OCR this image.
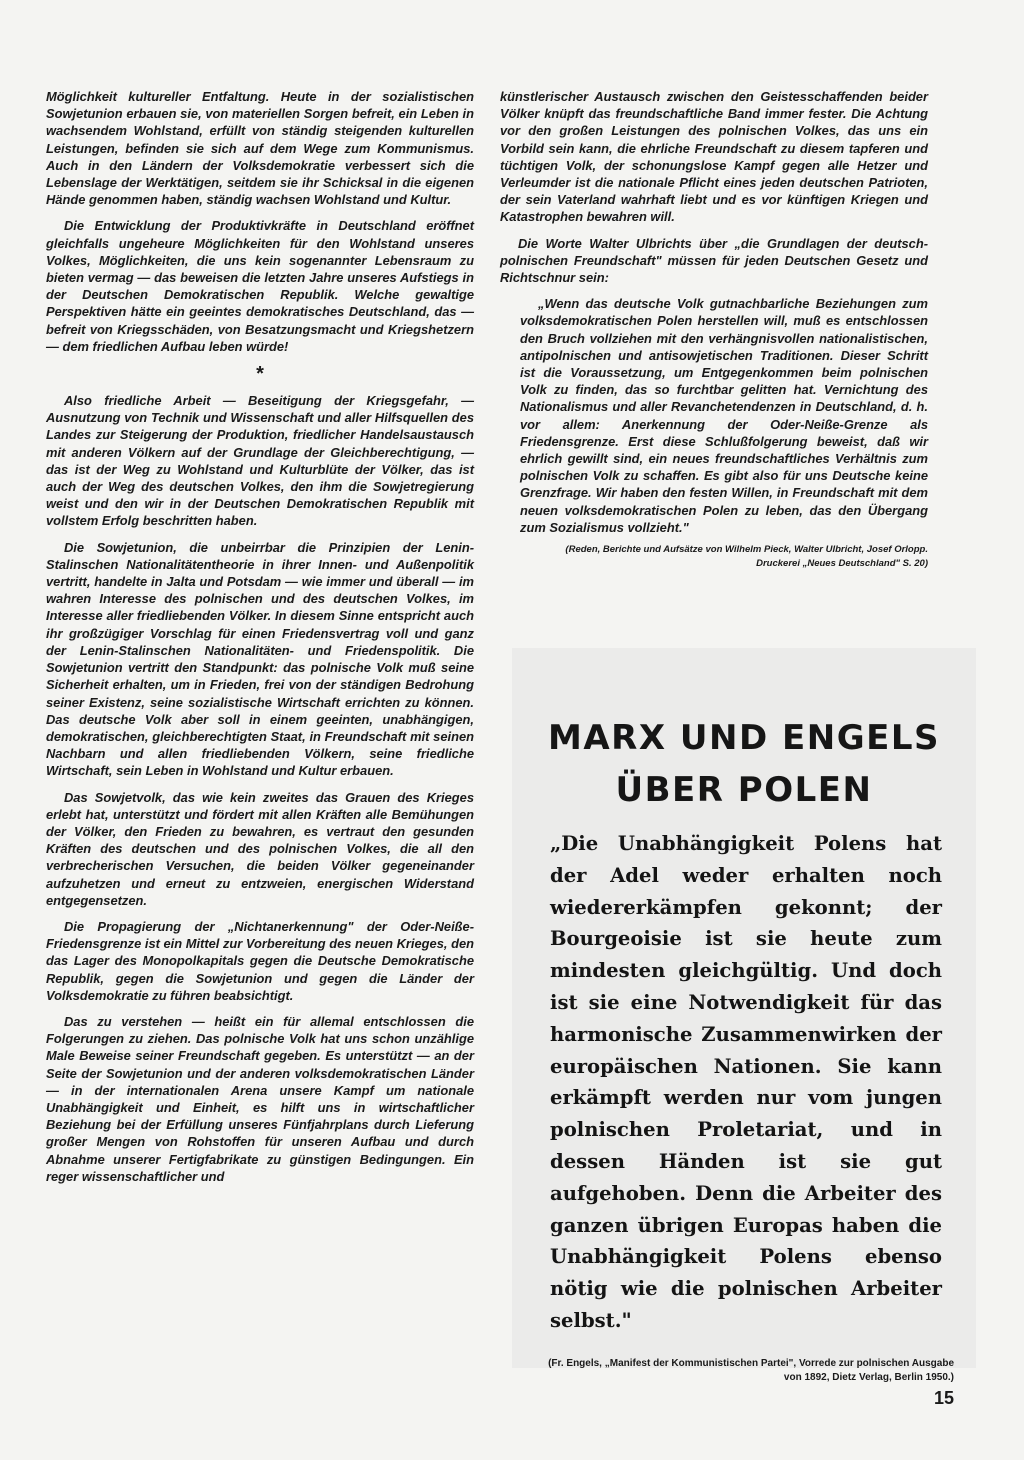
Möglichkeit kultureller Entfaltung. Heute in der sozialistischen Sowjetunion erbauen sie, von materiellen Sorgen befreit, ein Leben in wachsendem Wohlstand, erfüllt von ständig steigenden kulturellen Leistungen, befinden sie sich auf dem Wege zum Kommunismus. Auch in den Ländern der Volksdemokratie verbessert sich die Lebenslage der Werktätigen, seitdem sie ihr Schicksal in die eigenen Hände genommen haben, ständig wachsen Wohlstand und Kultur.

Die Entwicklung der Produktivkräfte in Deutschland eröffnet gleichfalls ungeheure Möglichkeiten für den Wohlstand unseres Volkes, Möglichkeiten, die uns kein sogenannter Lebensraum zu bieten vermag — das beweisen die letzten Jahre unseres Aufstiegs in der Deutschen Demokratischen Republik. Welche gewaltige Perspektiven hätte ein geeintes demokratisches Deutschland, das — befreit von Kriegsschäden, von Besatzungsmacht und Kriegshetzern — dem friedlichen Aufbau leben würde!

*

Also friedliche Arbeit — Beseitigung der Kriegsgefahr, — Ausnutzung von Technik und Wissenschaft und aller Hilfsquellen des Landes zur Steigerung der Produktion, friedlicher Handelsaustausch mit anderen Völkern auf der Grundlage der Gleichberechtigung, — das ist der Weg zu Wohlstand und Kulturblüte der Völker, das ist auch der Weg des deutschen Volkes, den ihm die Sowjetregierung weist und den wir in der Deutschen Demokratischen Republik mit vollstem Erfolg beschritten haben.

Die Sowjetunion, die unbeirrbar die Prinzipien der Lenin-Stalinschen Nationalitätentheorie in ihrer Innen- und Außenpolitik vertritt, handelte in Jalta und Potsdam — wie immer und überall — im wahren Interesse des polnischen und des deutschen Volkes, im Interesse aller friedliebenden Völker. In diesem Sinne entspricht auch ihr großzügiger Vorschlag für einen Friedensvertrag voll und ganz der Lenin-Stalinschen Nationalitäten- und Friedenspolitik. Die Sowjetunion vertritt den Standpunkt: das polnische Volk muß seine Sicherheit erhalten, um in Frieden, frei von der ständigen Bedrohung seiner Existenz, seine sozialistische Wirtschaft errichten zu können. Das deutsche Volk aber soll in einem geeinten, unabhängigen, demokratischen, gleichberechtigten Staat, in Freundschaft mit seinen Nachbarn und allen friedliebenden Völkern, seine friedliche Wirtschaft, sein Leben in Wohlstand und Kultur erbauen.

Das Sowjetvolk, das wie kein zweites das Grauen des Krieges erlebt hat, unterstützt und fördert mit allen Kräften alle Bemühungen der Völker, den Frieden zu bewahren, es vertraut den gesunden Kräften des deutschen und des polnischen Volkes, die all den verbrecherischen Versuchen, die beiden Völker gegeneinander aufzuhetzen und erneut zu entzweien, energischen Widerstand entgegensetzen.

Die Propagierung der „Nichtanerkennung" der Oder-Neiße-Friedensgrenze ist ein Mittel zur Vorbereitung des neuen Krieges, den das Lager des Monopolkapitals gegen die Deutsche Demokratische Republik, gegen die Sowjetunion und gegen die Länder der Volksdemokratie zu führen beabsichtigt.

Das zu verstehen — heißt ein für allemal entschlossen die Folgerungen zu ziehen. Das polnische Volk hat uns schon unzählige Male Beweise seiner Freundschaft gegeben. Es unterstützt — an der Seite der Sowjetunion und der anderen volksdemokratischen Länder — in der internationalen Arena unsere Kampf um nationale Unabhängigkeit und Einheit, es hilft uns in wirtschaftlicher Beziehung bei der Erfüllung unseres Fünfjahrplans durch Lieferung großer Mengen von Rohstoffen für unseren Aufbau und durch Abnahme unserer Fertigfabrikate zu günstigen Bedingungen. Ein reger wissenschaftlicher und

künstlerischer Austausch zwischen den Geistesschaffenden beider Völker knüpft das freundschaftliche Band immer fester. Die Achtung vor den großen Leistungen des polnischen Volkes, das uns ein Vorbild sein kann, die ehrliche Freundschaft zu diesem tapferen und tüchtigen Volk, der schonungslose Kampf gegen alle Hetzer und Verleumder ist die nationale Pflicht eines jeden deutschen Patrioten, der sein Vaterland wahrhaft liebt und es vor künftigen Kriegen und Katastrophen bewahren will.

Die Worte Walter Ulbrichts über „die Grundlagen der deutsch-polnischen Freundschaft" müssen für jeden Deutschen Gesetz und Richtschnur sein:

„Wenn das deutsche Volk gutnachbarliche Beziehungen zum volksdemokratischen Polen herstellen will, muß es entschlossen den Bruch vollziehen mit den verhängnisvollen nationalistischen, antipolnischen und antisowjetischen Traditionen. Dieser Schritt ist die Voraussetzung, um Entgegenkommen beim polnischen Volk zu finden, das so furchtbar gelitten hat. Vernichtung des Nationalismus und aller Revanchetendenzen in Deutschland, d. h. vor allem: Anerkennung der Oder-Neiße-Grenze als Friedensgrenze. Erst diese Schlußfolgerung beweist, daß wir ehrlich gewillt sind, ein neues freundschaftliches Verhältnis zum polnischen Volk zu schaffen. Es gibt also für uns Deutsche keine Grenzfrage. Wir haben den festen Willen, in Freundschaft mit dem neuen volksdemokratischen Polen zu leben, das den Übergang zum Sozialismus vollzieht."

(Reden, Berichte und Aufsätze von Wilhelm Pieck, Walter Ulbricht, Josef Orlopp. Druckerei „Neues Deutschland" S. 20)
MARX UND ENGELS
ÜBER POLEN
„Die Unabhängigkeit Polens hat der Adel weder erhalten noch wiedererkämpfen gekonnt; der Bourgeoisie ist sie heute zum mindesten gleichgültig. Und doch ist sie eine Notwendigkeit für das harmonische Zusammenwirken der europäischen Nationen. Sie kann erkämpft werden nur vom jungen polnischen Proletariat, und in dessen Händen ist sie gut aufgehoben. Denn die Arbeiter des ganzen übrigen Europas haben die Unabhängigkeit Polens ebenso nötig wie die polnischen Arbeiter selbst."
(Fr. Engels, „Manifest der Kommunistischen Partei", Vorrede zur polnischen Ausgabe von 1892, Dietz Verlag, Berlin 1950.)
15
